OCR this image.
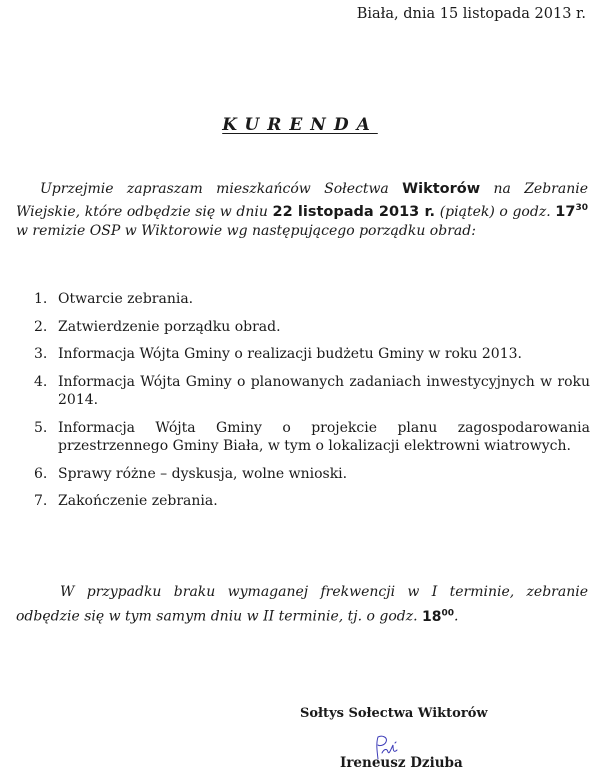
Biała, dnia 15 listopada 2013 r.
KURENDA

Uprzejmie zapraszam mieszkańców Sołectwa Wiktorów na Zebranie Wiejskie, które odbędzie się w dniu 22 listopada 2013 r. (piątek) o godz. $17^{30}$ w remizie OSP w Wiktorowie wg następującego porządku obrad:

1. Otwarcie zebrania.
2. Zatwierdzenie porządku obrad.
3. Informacja Wójta Gminy o realizacji budżetu Gminy w roku 2013.
4. Informacja Wójta Gminy o planowanych zadaniach inwestycyjnych w roku 2014.
5. Informacja Wójta Gminy o projekcie planu zagospodarowania przestrzennego Gminy Biała, w tym o lokalizacji elektrowni wiatrowych.
6. Sprawy różne – dyskusja, wolne wnioski.
7. Zakończenie zebrania.

W przypadku braku wymaganej frekwencji w I terminie, zebranie odbędzie się w tym samym dniu w II terminie, tj. o godz. $18^{00}$.

Sołtys Sołectwa Wiktorów
Ireneusz Dziuba
